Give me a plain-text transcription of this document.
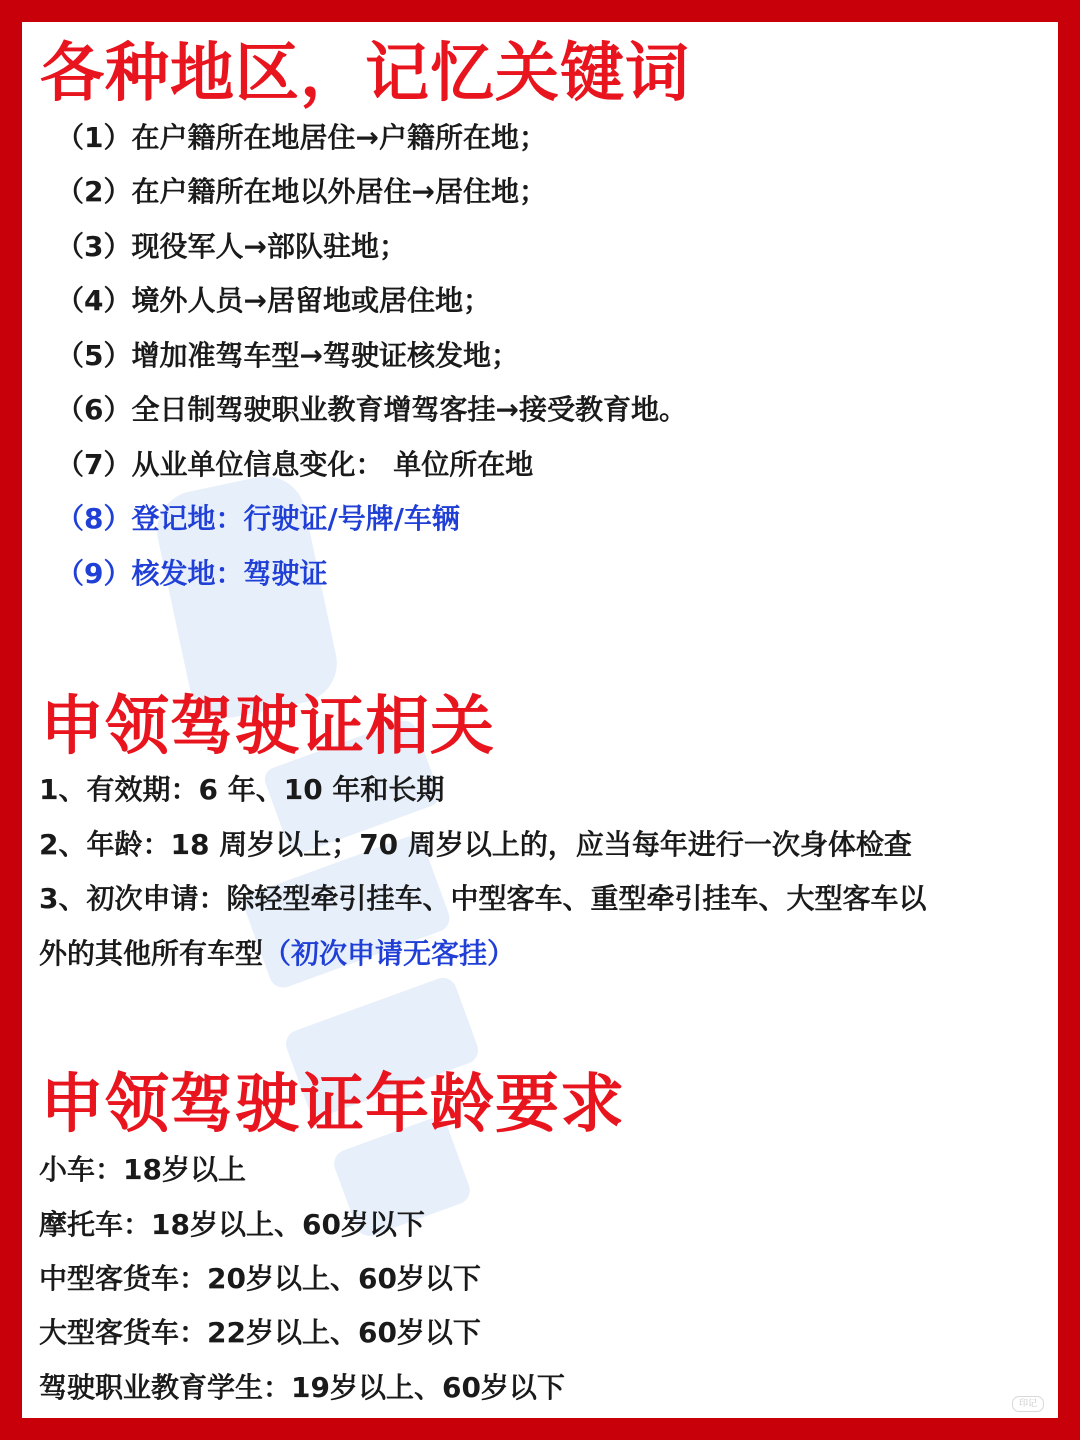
各种地区，记忆关键词

（1）在户籍所在地居住→户籍所在地；

（2）在户籍所在地以外居住→居住地；

（3）现役军人→部队驻地；

（4）境外人员→居留地或居住地；

（5）增加准驾车型→驾驶证核发地；

（6）全日制驾驶职业教育增驾客挂→接受教育地。

（7）从业单位信息变化： 单位所在地

（8）登记地：行驶证/号牌/车辆

（9）核发地：驾驶证

申领驾驶证相关

1、有效期：6 年、10 年和长期

2、年龄：18 周岁以上；70 周岁以上的，应当每年进行一次身体检查

3、初次申请：除轻型牵引挂车、中型客车、重型牵引挂车、大型客车以

外的其他所有车型（初次申请无客挂）

申领驾驶证年龄要求

小车：18岁以上

摩托车：18岁以上、60岁以下

中型客货车：20岁以上、60岁以下

大型客货车：22岁以上、60岁以下

驾驶职业教育学生：19岁以上、60岁以下	印记
